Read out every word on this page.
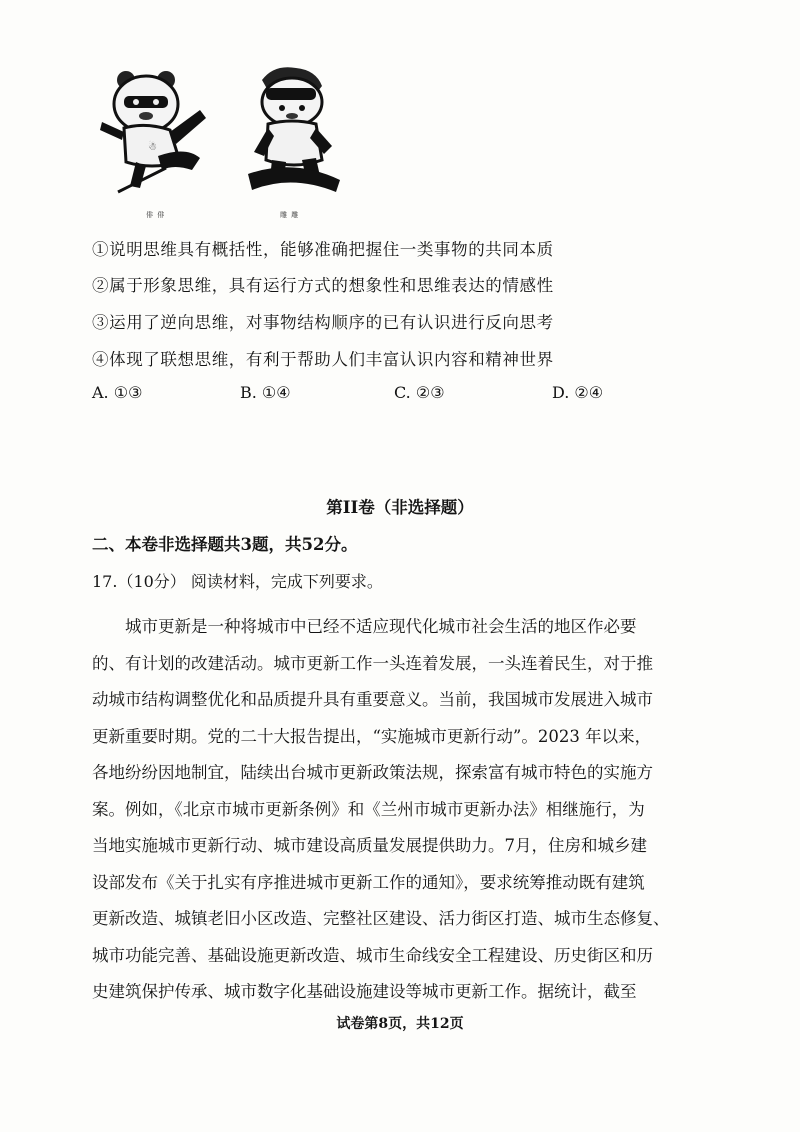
☃
俳 俳	雕 雕
①说明思维具有概括性，能够准确把握住一类事物的共同本质
②属于形象思维，具有运行方式的想象性和思维表达的情感性
③运用了逆向思维，对事物结构顺序的已有认识进行反向思考
④体现了联想思维，有利于帮助人们丰富认识内容和精神世界
A. ①③	B. ①④	C. ②③	D. ②④
第II卷（非选择题）
二、本卷非选择题共3题，共52分。
17.（10分） 阅读材料，完成下列要求。
城市更新是一种将城市中已经不适应现代化城市社会生活的地区作必要
的、有计划的改建活动。城市更新工作一头连着发展，一头连着民生，对于推
动城市结构调整优化和品质提升具有重要意义。当前，我国城市发展进入城市
更新重要时期。党的二十大报告提出，“实施城市更新行动”。2023 年以来，
各地纷纷因地制宜，陆续出台城市更新政策法规，探索富有城市特色的实施方
案。例如，《北京市城市更新条例》和《兰州市城市更新办法》相继施行，为
当地实施城市更新行动、城市建设高质量发展提供助力。7月，住房和城乡建
设部发布《关于扎实有序推进城市更新工作的通知》，要求统筹推动既有建筑
更新改造、城镇老旧小区改造、完整社区建设、活力街区打造、城市生态修复、
城市功能完善、基础设施更新改造、城市生命线安全工程建设、历史街区和历
史建筑保护传承、城市数字化基础设施建设等城市更新工作。据统计，截至
试卷第8页，共12页
